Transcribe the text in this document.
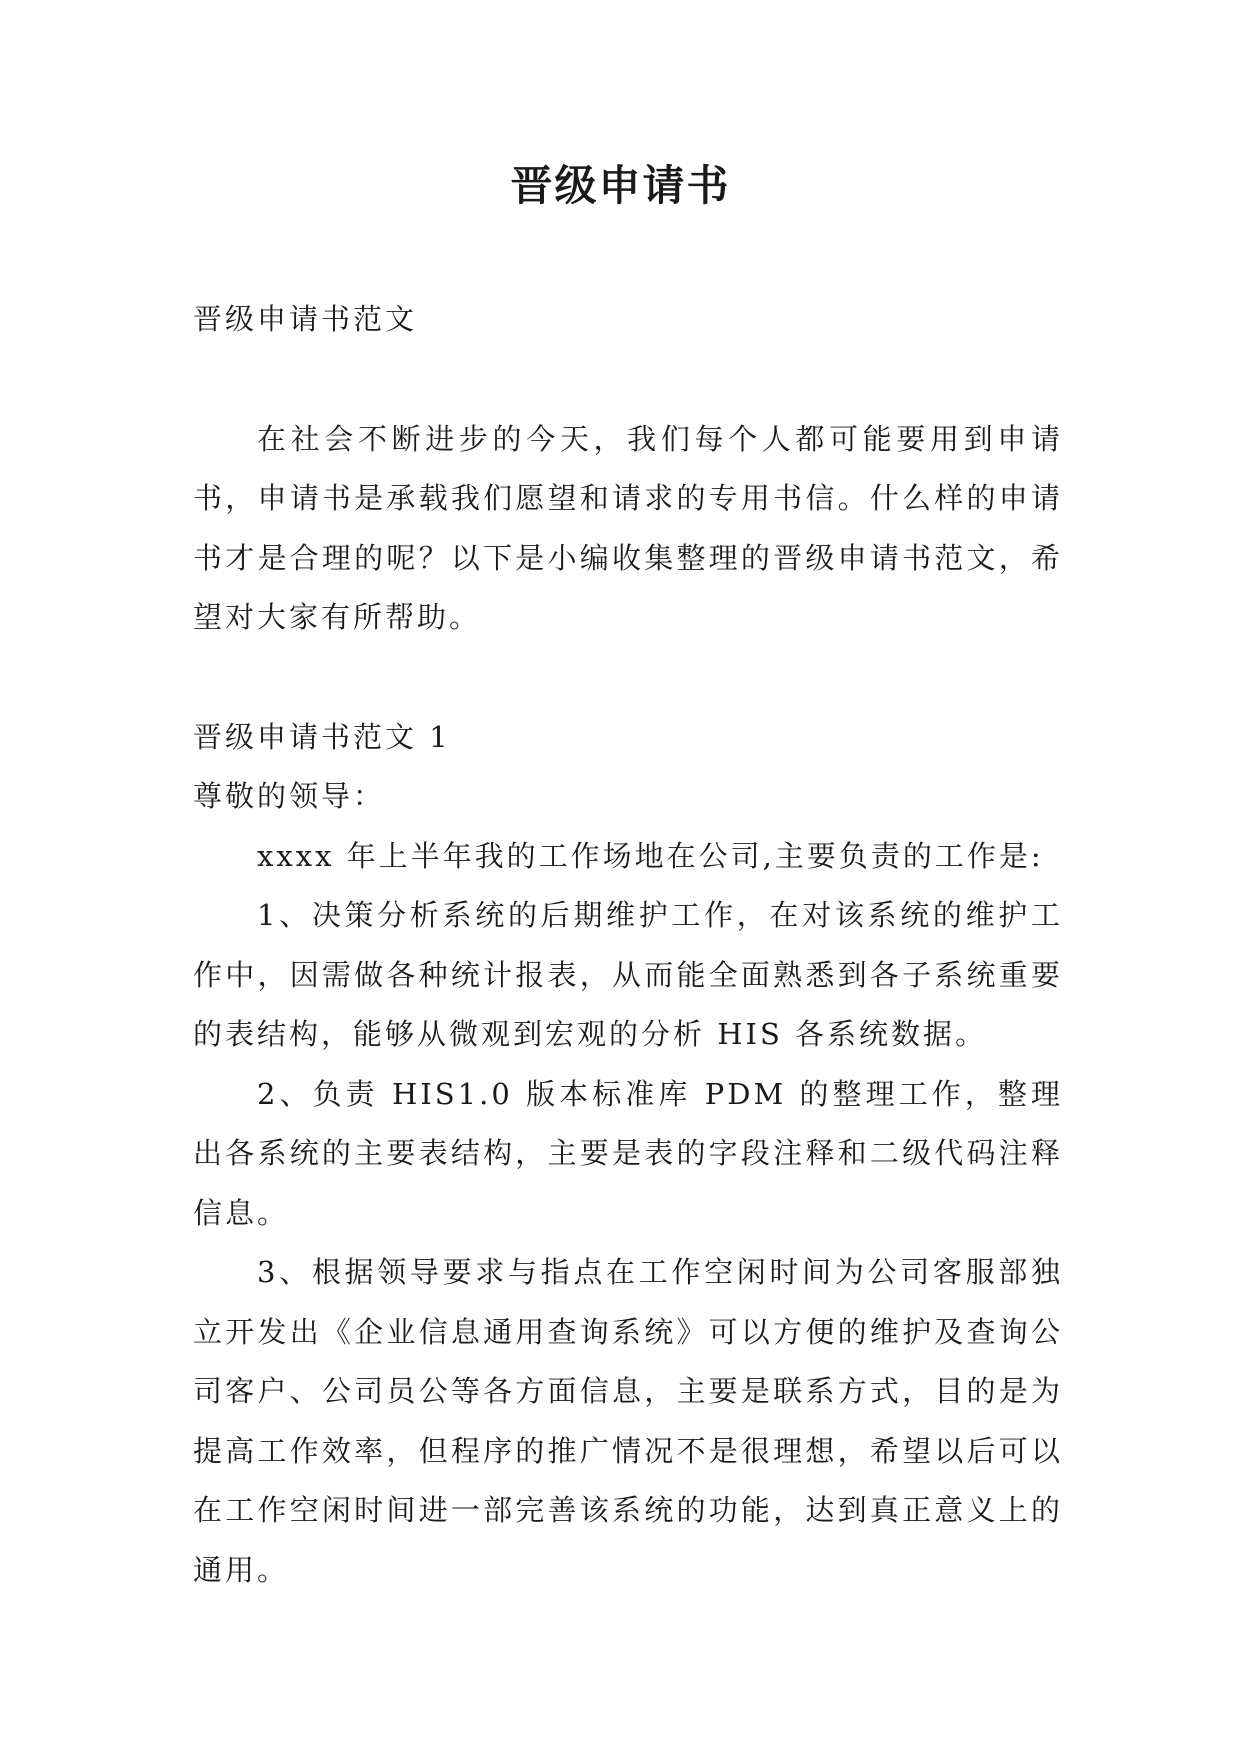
晋级申请书

晋级申请书范文

在社会不断进步的今天，我们每个人都可能要用到申请书，申请书是承载我们愿望和请求的专用书信。什么样的申请书才是合理的呢？以下是小编收集整理的晋级申请书范文，希望对大家有所帮助。

晋级申请书范文 1

尊敬的领导：

xxxx 年上半年我的工作场地在公司,主要负责的工作是:

1、决策分析系统的后期维护工作，在对该系统的维护工作中，因需做各种统计报表，从而能全面熟悉到各子系统重要的表结构，能够从微观到宏观的分析 HIS 各系统数据。

2、负责 HIS1.0 版本标准库 PDM 的整理工作，整理出各系统的主要表结构，主要是表的字段注释和二级代码注释信息。

3、根据领导要求与指点在工作空闲时间为公司客服部独立开发出《企业信息通用查询系统》可以方便的维护及查询公司客户、公司员公等各方面信息，主要是联系方式，目的是为提高工作效率，但程序的推广情况不是很理想，希望以后可以在工作空闲时间进一部完善该系统的功能，达到真正意义上的通用。
